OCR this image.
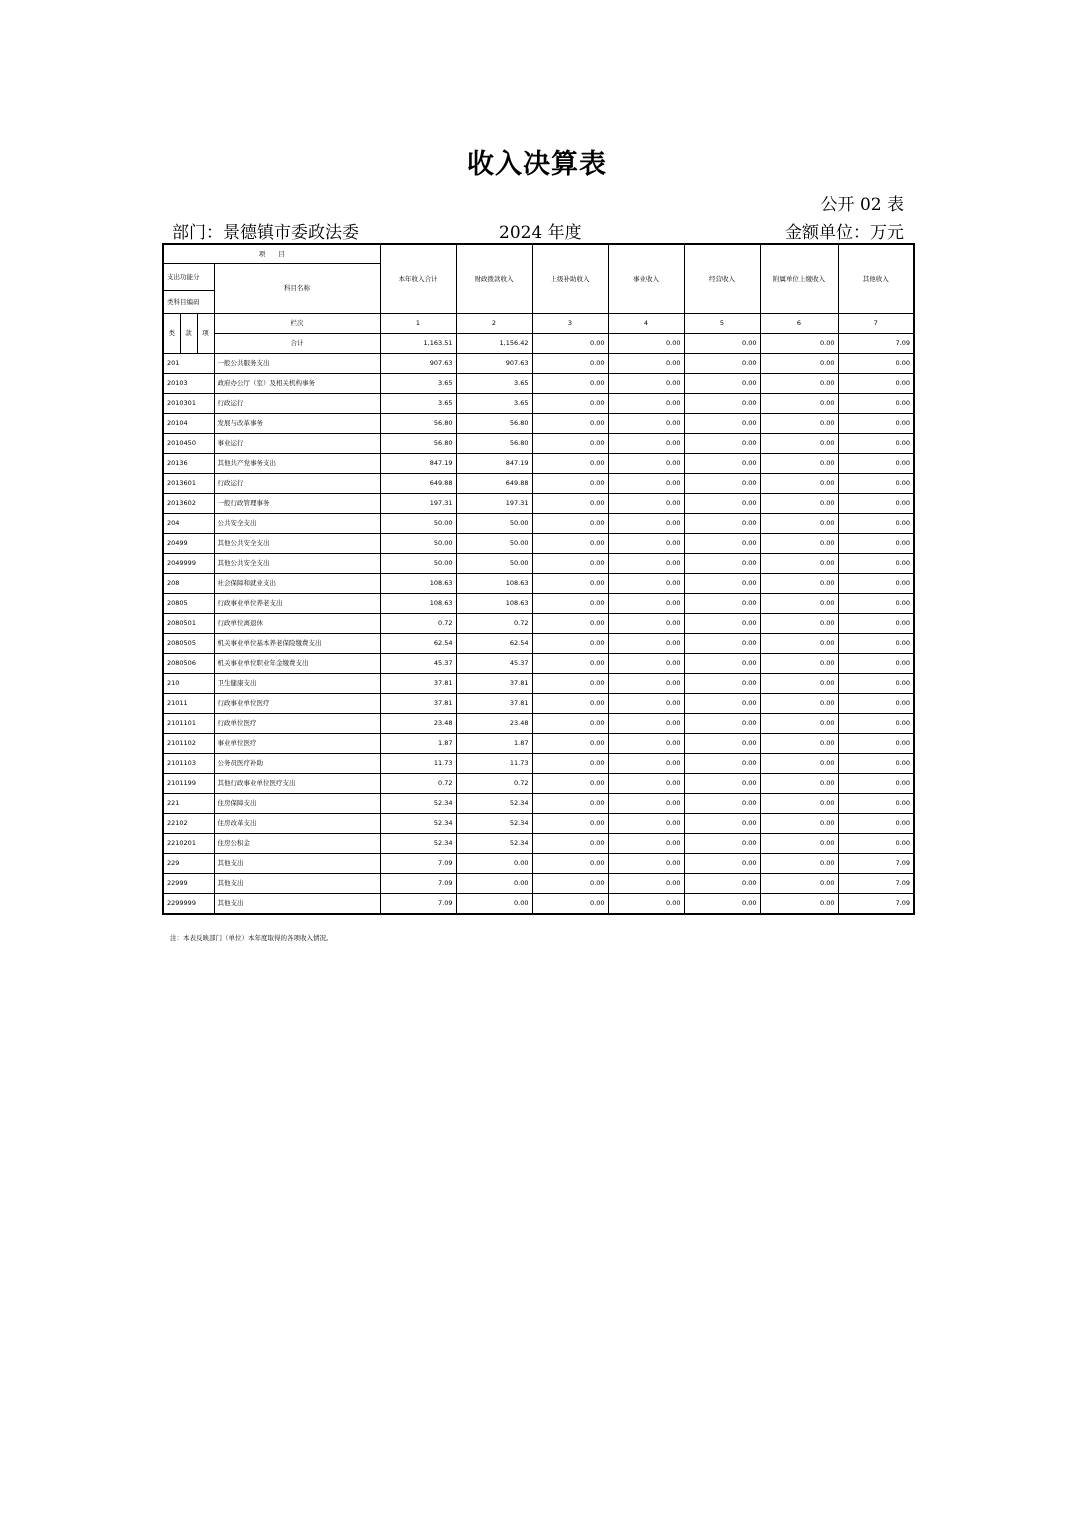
收入决算表
公开 02 表
部门：景德镇市委政法委	2024 年度	金额单位：万元
项　　目				本年收入合计	财政拨款收入	上级补助收入	事业收入	经营收入	附属单位上缴收入	其他收入
支出功能分			科目名称							
类科目编码										
类	款	项	栏次	1	2	3	4	5	6	7
			合计	1,163.51	1,156.42	0.00	0.00	0.00	0.00	7.09
201			一般公共服务支出	907.63	907.63	0.00	0.00	0.00	0.00	0.00
20103			政府办公厅（室）及相关机构事务	3.65	3.65	0.00	0.00	0.00	0.00	0.00
2010301			行政运行	3.65	3.65	0.00	0.00	0.00	0.00	0.00
20104			发展与改革事务	56.80	56.80	0.00	0.00	0.00	0.00	0.00
2010450			事业运行	56.80	56.80	0.00	0.00	0.00	0.00	0.00
20136			其他共产党事务支出	847.19	847.19	0.00	0.00	0.00	0.00	0.00
2013601			行政运行	649.88	649.88	0.00	0.00	0.00	0.00	0.00
2013602			一般行政管理事务	197.31	197.31	0.00	0.00	0.00	0.00	0.00
204			公共安全支出	50.00	50.00	0.00	0.00	0.00	0.00	0.00
20499			其他公共安全支出	50.00	50.00	0.00	0.00	0.00	0.00	0.00
2049999			其他公共安全支出	50.00	50.00	0.00	0.00	0.00	0.00	0.00
208			社会保障和就业支出	108.63	108.63	0.00	0.00	0.00	0.00	0.00
20805			行政事业单位养老支出	108.63	108.63	0.00	0.00	0.00	0.00	0.00
2080501			行政单位离退休	0.72	0.72	0.00	0.00	0.00	0.00	0.00
2080505			机关事业单位基本养老保险缴费支出	62.54	62.54	0.00	0.00	0.00	0.00	0.00
2080506			机关事业单位职业年金缴费支出	45.37	45.37	0.00	0.00	0.00	0.00	0.00
210			卫生健康支出	37.81	37.81	0.00	0.00	0.00	0.00	0.00
21011			行政事业单位医疗	37.81	37.81	0.00	0.00	0.00	0.00	0.00
2101101			行政单位医疗	23.48	23.48	0.00	0.00	0.00	0.00	0.00
2101102			事业单位医疗	1.87	1.87	0.00	0.00	0.00	0.00	0.00
2101103			公务员医疗补助	11.73	11.73	0.00	0.00	0.00	0.00	0.00
2101199			其他行政事业单位医疗支出	0.72	0.72	0.00	0.00	0.00	0.00	0.00
221			住房保障支出	52.34	52.34	0.00	0.00	0.00	0.00	0.00
22102			住房改革支出	52.34	52.34	0.00	0.00	0.00	0.00	0.00
2210201			住房公积金	52.34	52.34	0.00	0.00	0.00	0.00	0.00
229			其他支出	7.09	0.00	0.00	0.00	0.00	0.00	7.09
22999			其他支出	7.09	0.00	0.00	0.00	0.00	0.00	7.09
2299999			其他支出	7.09	0.00	0.00	0.00	0.00	0.00	7.09
注：本表反映部门（单位）本年度取得的各项收入情况。
